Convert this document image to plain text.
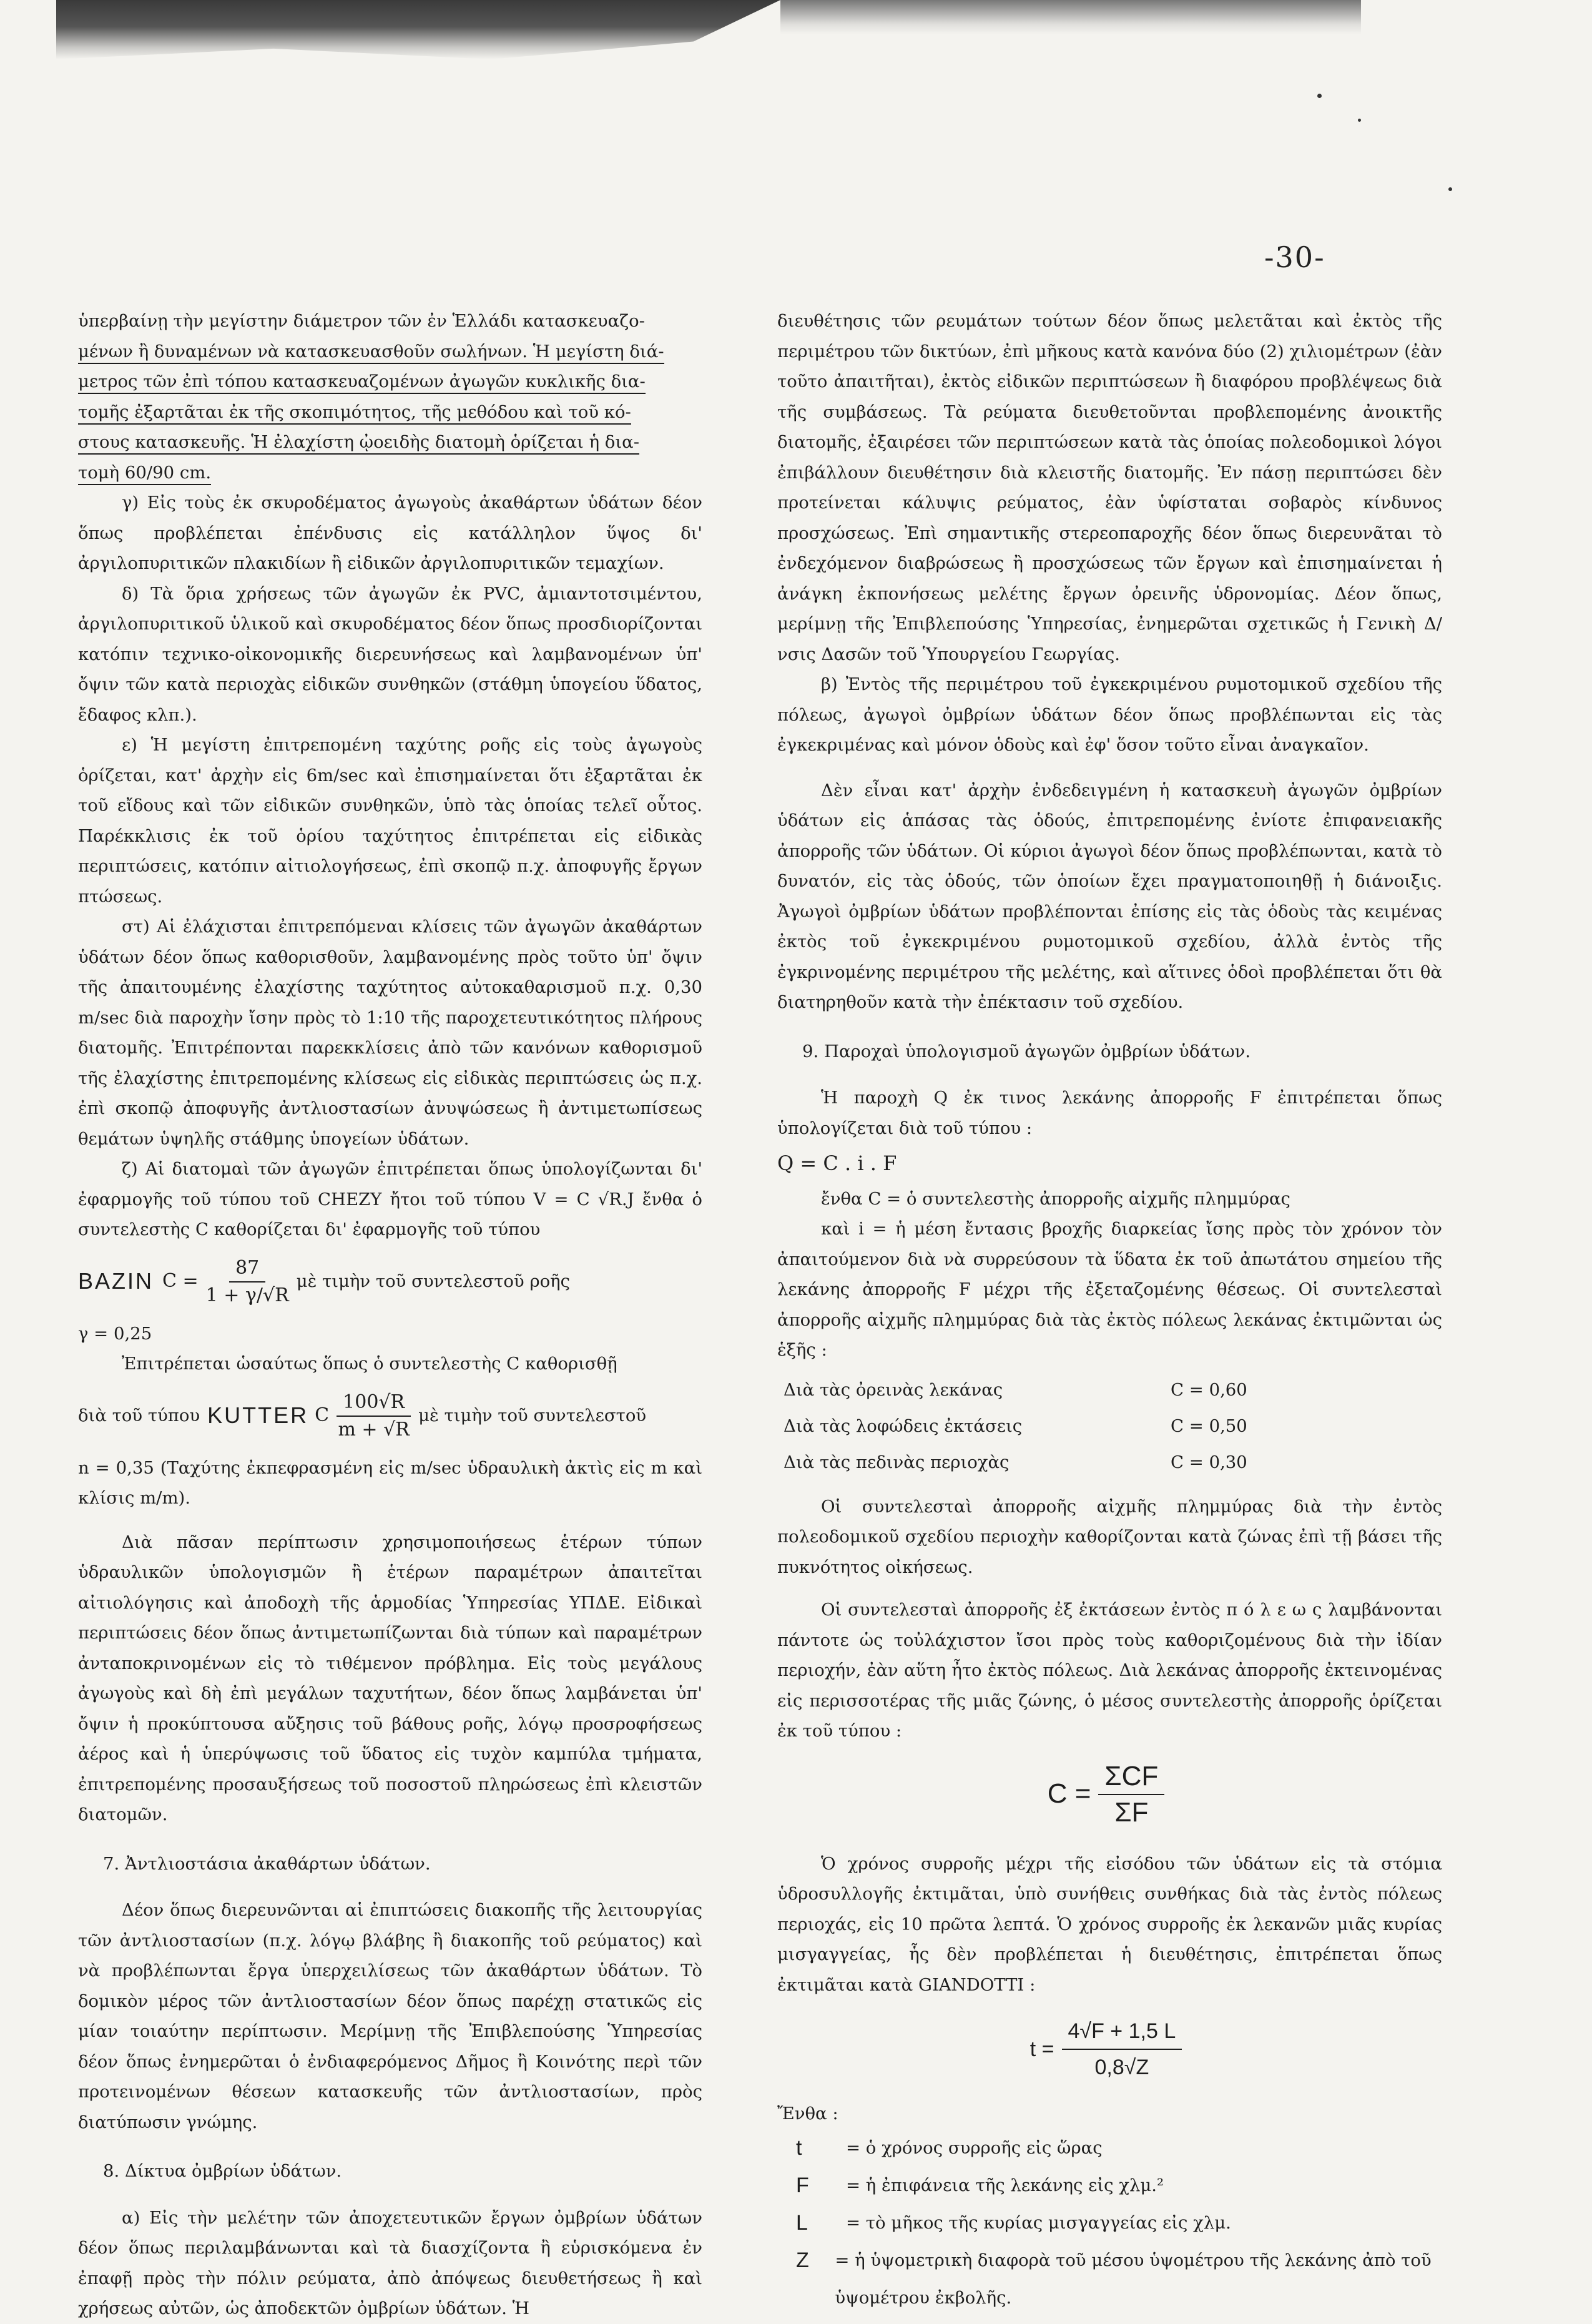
-30-

ὑπερβαίνῃ τὴν μεγίστην διάμετρον τῶν ἐν Ἑλλάδι κατασκευαζο-

μένων ἢ δυναμένων νὰ κατασκευασθοῦν σωλήνων. Ἡ μεγίστη διά-

μετρος τῶν ἐπὶ τόπου κατασκευαζομένων ἀγωγῶν κυκλικῆς δια-

τομῆς ἐξαρτᾶται ἐκ τῆς σκοπιμότητος, τῆς μεθόδου καὶ τοῦ κό-

στους κατασκευῆς. Ἡ ἐλαχίστη ᾠοειδὴς διατομὴ ὁρίζεται ἡ δια-

τομὴ 60/90 cm.

γ) Εἰς τοὺς ἐκ σκυροδέματος ἀγωγοὺς ἀκαθάρτων ὑδάτων δέον ὅπως προβλέπεται ἐπένδυσις εἰς κατάλληλον ὕψος δι' ἀργιλοπυριτικῶν πλακιδίων ἢ εἰδικῶν ἀργιλοπυριτικῶν τεμαχίων.

δ) Τὰ ὅρια χρήσεως τῶν ἀγωγῶν ἐκ PVC, ἀμιαντοτσιμέντου, ἀργιλοπυριτικοῦ ὑλικοῦ καὶ σκυροδέματος δέον ὅπως προσδιορίζονται κατόπιν τεχνικο-οἰκονομικῆς διερευνήσεως καὶ λαμβανομένων ὑπ' ὄψιν τῶν κατὰ περιοχὰς εἰδικῶν συνθηκῶν (στάθμη ὑπογείου ὕδατος, ἔδαφος κλπ.).

ε) Ἡ μεγίστη ἐπιτρεπομένη ταχύτης ροῆς εἰς τοὺς ἀγωγοὺς ὁρίζεται, κατ' ἀρχὴν εἰς 6m/sec καὶ ἐπισημαίνεται ὅτι ἐξαρτᾶται ἐκ τοῦ εἴδους καὶ τῶν εἰδικῶν συνθηκῶν, ὑπὸ τὰς ὁποίας τελεῖ οὗτος. Παρέκκλισις ἐκ τοῦ ὁρίου ταχύτητος ἐπιτρέπεται εἰς εἰδικὰς περιπτώσεις, κατόπιν αἰτιολογήσεως, ἐπὶ σκοπῷ π.χ. ἀποφυγῆς ἔργων πτώσεως.

στ) Αἱ ἐλάχισται ἐπιτρεπόμεναι κλίσεις τῶν ἀγωγῶν ἀκαθάρτων ὑδάτων δέον ὅπως καθορισθοῦν, λαμβανομένης πρὸς τοῦτο ὑπ' ὄψιν τῆς ἀπαιτουμένης ἐλαχίστης ταχύτητος αὐτοκαθαρισμοῦ π.χ. 0,30 m/sec διὰ παροχὴν ἴσην πρὸς τὸ 1:10 τῆς παροχετευτικότητος πλήρους διατομῆς. Ἐπιτρέπονται παρεκκλίσεις ἀπὸ τῶν κανόνων καθορισμοῦ τῆς ἐλαχίστης ἐπιτρεπομένης κλίσεως εἰς εἰδικὰς περιπτώσεις ὡς π.χ. ἐπὶ σκοπῷ ἀποφυγῆς ἀντλιοστασίων ἀνυψώσεως ἢ ἀντιμετωπίσεως θεμάτων ὑψηλῆς στάθμης ὑπογείων ὑδάτων.

ζ) Αἱ διατομαὶ τῶν ἀγωγῶν ἐπιτρέπεται ὅπως ὑπολογίζωνται δι' ἐφαρμογῆς τοῦ τύπου τοῦ CHEZY ἤτοι τοῦ τύπου V = C √R.J ἔνθα ὁ συντελεστὴς C καθορίζεται δι' ἐφαρμογῆς τοῦ τύπου

BAZIN $C = \frac{87}{1 + \gamma/√R}$ μὲ τιμὴν τοῦ συντελεστοῦ ροῆς

γ = 0,25

Ἐπιτρέπεται ὡσαύτως ὅπως ὁ συντελεστὴς C καθορισθῇ

διὰ τοῦ τύπου KUTTER C $\frac{100√R}{m + √R}$ μὲ τιμὴν τοῦ συντελεστοῦ

n = 0,35 (Ταχύτης ἐκπεφρασμένη εἰς m/sec ὑδραυλικὴ ἀκτὶς εἰς m καὶ κλίσις m/m).

Διὰ πᾶσαν περίπτωσιν χρησιμοποιήσεως ἑτέρων τύπων ὑδραυλικῶν ὑπολογισμῶν ἢ ἑτέρων παραμέτρων ἀπαιτεῖται αἰτιολόγησις καὶ ἀποδοχὴ τῆς ἁρμοδίας Ὑπηρεσίας ΥΠΔΕ. Εἰδικαὶ περιπτώσεις δέον ὅπως ἀντιμετωπίζωνται διὰ τύπων καὶ παραμέτρων ἀνταποκρινομένων εἰς τὸ τιθέμενον πρόβλημα. Εἰς τοὺς μεγάλους ἀγωγοὺς καὶ δὴ ἐπὶ μεγάλων ταχυτήτων, δέον ὅπως λαμβάνεται ὑπ' ὄψιν ἡ προκύπτουσα αὔξησις τοῦ βάθους ροῆς, λόγῳ προσροφήσεως ἀέρος καὶ ἡ ὑπερύψωσις τοῦ ὕδατος εἰς τυχὸν καμπύλα τμήματα, ἐπιτρεπομένης προσαυξήσεως τοῦ ποσοστοῦ πληρώσεως ἐπὶ κλειστῶν διατομῶν.

7. Ἀντλιοστάσια ἀκαθάρτων ὑδάτων.

Δέον ὅπως διερευνῶνται αἱ ἐπιπτώσεις διακοπῆς τῆς λειτουργίας τῶν ἀντλιοστασίων (π.χ. λόγῳ βλάβης ἢ διακοπῆς τοῦ ρεύματος) καὶ νὰ προβλέπωνται ἔργα ὑπερχειλίσεως τῶν ἀκαθάρτων ὑδάτων. Τὸ δομικὸν μέρος τῶν ἀντλιοστασίων δέον ὅπως παρέχῃ στατικῶς εἰς μίαν τοιαύτην περίπτωσιν. Μερίμνῃ τῆς Ἐπιβλεπούσης Ὑπηρεσίας δέον ὅπως ἐνημερῶται ὁ ἐνδιαφερόμενος Δῆμος ἢ Κοινότης περὶ τῶν προτεινομένων θέσεων κατασκευῆς τῶν ἀντλιοστασίων, πρὸς διατύπωσιν γνώμης.

8. Δίκτυα ὀμβρίων ὑδάτων.

α) Εἰς τὴν μελέτην τῶν ἀποχετευτικῶν ἔργων ὀμβρίων ὑδάτων δέον ὅπως περιλαμβάνωνται καὶ τὰ διασχίζοντα ἢ εὑρισκόμενα ἐν ἐπαφῇ πρὸς τὴν πόλιν ρεύματα, ἀπὸ ἀπόψεως διευθετήσεως ἢ καὶ χρήσεως αὐτῶν, ὡς ἀποδεκτῶν ὀμβρίων ὑδάτων. Ἡ

διευθέτησις τῶν ρευμάτων τούτων δέον ὅπως μελετᾶται καὶ ἐκτὸς τῆς περιμέτρου τῶν δικτύων, ἐπὶ μῆκους κατὰ κανόνα δύο (2) χιλιομέτρων (ἐὰν τοῦτο ἀπαιτῆται), ἐκτὸς εἰδικῶν περιπτώσεων ἢ διαφόρου προβλέψεως διὰ τῆς συμβάσεως. Τὰ ρεύματα διευθετοῦνται προβλεπομένης ἀνοικτῆς διατομῆς, ἐξαιρέσει τῶν περιπτώσεων κατὰ τὰς ὁποίας πολεοδομικοὶ λόγοι ἐπιβάλλουν διευθέτησιν διὰ κλειστῆς διατομῆς. Ἐν πάσῃ περιπτώσει δὲν προτείνεται κάλυψις ρεύματος, ἐὰν ὑφίσταται σοβαρὸς κίνδυνος προσχώσεως. Ἐπὶ σημαντικῆς στερεοπαροχῆς δέον ὅπως διερευνᾶται τὸ ἐνδεχόμενον διαβρώσεως ἢ προσχώσεως τῶν ἔργων καὶ ἐπισημαίνεται ἡ ἀνάγκη ἐκπονήσεως μελέτης ἔργων ὀρεινῆς ὑδρονομίας. Δέον ὅπως, μερίμνῃ τῆς Ἐπιβλεπούσης Ὑπηρεσίας, ἐνημερῶται σχετικῶς ἡ Γενικὴ Δ/νσις Δασῶν τοῦ Ὑπουργείου Γεωργίας.

β) Ἐντὸς τῆς περιμέτρου τοῦ ἐγκεκριμένου ρυμοτομικοῦ σχεδίου τῆς πόλεως, ἀγωγοὶ ὀμβρίων ὑδάτων δέον ὅπως προβλέπωνται εἰς τὰς ἐγκεκριμένας καὶ μόνον ὁδοὺς καὶ ἐφ' ὅσον τοῦτο εἶναι ἀναγκαῖον.

Δὲν εἶναι κατ' ἀρχὴν ἐνδεδειγμένη ἡ κατασκευὴ ἀγωγῶν ὀμβρίων ὑδάτων εἰς ἁπάσας τὰς ὁδούς, ἐπιτρεπομένης ἐνίοτε ἐπιφανειακῆς ἀπορροῆς τῶν ὑδάτων. Οἱ κύριοι ἀγωγοὶ δέον ὅπως προβλέπωνται, κατὰ τὸ δυνατόν, εἰς τὰς ὁδούς, τῶν ὁποίων ἔχει πραγματοποιηθῇ ἡ διάνοιξις. Ἀγωγοὶ ὀμβρίων ὑδάτων προβλέπονται ἐπίσης εἰς τὰς ὁδοὺς τὰς κειμένας ἐκτὸς τοῦ ἐγκεκριμένου ρυμοτομικοῦ σχεδίου, ἀλλὰ ἐντὸς τῆς ἐγκρινομένης περιμέτρου τῆς μελέτης, καὶ αἵτινες ὁδοὶ προβλέπεται ὅτι θὰ διατηρηθοῦν κατὰ τὴν ἐπέκτασιν τοῦ σχεδίου.

9. Παροχαὶ ὑπολογισμοῦ ἀγωγῶν ὀμβρίων ὑδάτων.

Ἡ παροχὴ Q ἐκ τινος λεκάνης ἀπορροῆς F ἐπιτρέπεται ὅπως ὑπολογίζεται διὰ τοῦ τύπου :

Q = C . i . F

ἔνθα C = ὁ συντελεστὴς ἀπορροῆς αἰχμῆς πλημμύρας

καὶ i = ἡ μέση ἔντασις βροχῆς διαρκείας ἴσης πρὸς τὸν χρόνον τὸν ἀπαιτούμενον διὰ νὰ συρρεύσουν τὰ ὕδατα ἐκ τοῦ ἀπωτάτου σημείου τῆς λεκάνης ἀπορροῆς F μέχρι τῆς ἐξεταζομένης θέσεως. Οἱ συντελεσταὶ ἀπορροῆς αἰχμῆς πλημμύρας διὰ τὰς ἐκτὸς πόλεως λεκάνας ἐκτιμῶνται ὡς ἑξῆς :

Διὰ τὰς ὀρεινὰς λεκάνας	C = 0,60
Διὰ τὰς λοφώδεις ἐκτάσεις	C = 0,50
Διὰ τὰς πεδινὰς περιοχὰς	C = 0,30

Οἱ συντελεσταὶ ἀπορροῆς αἰχμῆς πλημμύρας διὰ τὴν ἐντὸς πολεοδομικοῦ σχεδίου περιοχὴν καθορίζονται κατὰ ζώνας ἐπὶ τῇ βάσει τῆς πυκνότητος οἰκήσεως.

Οἱ συντελεσταὶ ἀπορροῆς ἐξ ἐκτάσεων ἐντὸς π ό λ ε ω ς λαμβάνονται πάντοτε ὡς τοὐλάχιστον ἴσοι πρὸς τοὺς καθοριζομένους διὰ τὴν ἰδίαν περιοχήν, ἐὰν αὕτη ἦτο ἐκτὸς πόλεως. Διὰ λεκάνας ἀπορροῆς ἐκτεινομένας εἰς περισσοτέρας τῆς μιᾶς ζώνης, ὁ μέσος συντελεστὴς ἀπορροῆς ὁρίζεται ἐκ τοῦ τύπου :

$C = \frac{\text{ΣCF}}{\Sigma F}$

Ὁ χρόνος συρροῆς μέχρι τῆς εἰσόδου τῶν ὑδάτων εἰς τὰ στόμια ὑδροσυλλογῆς ἐκτιμᾶται, ὑπὸ συνήθεις συνθήκας διὰ τὰς ἐντὸς πόλεως περιοχάς, εἰς 10 πρῶτα λεπτά. Ὁ χρόνος συρροῆς ἐκ λεκανῶν μιᾶς κυρίας μισγαγγείας, ἧς δὲν προβλέπεται ἡ διευθέτησις, ἐπιτρέπεται ὅπως ἐκτιμᾶται κατὰ GIANDOTTI :

$t = \frac{4√F + 1,5 L}{0,8√Z}$

Ἔνθα :

t	= ὁ χρόνος συρροῆς εἰς ὥρας
F	= ἡ ἐπιφάνεια τῆς λεκάνης εἰς χλμ.²
L	= τὸ μῆκος τῆς κυρίας μισγαγγείας εἰς χλμ.
Z	= ἡ ὑψομετρικὴ διαφορὰ τοῦ μέσου ὑψομέτρου τῆς λεκάνης ἀπὸ τοῦ ὑψομέτρου ἐκβολῆς.
